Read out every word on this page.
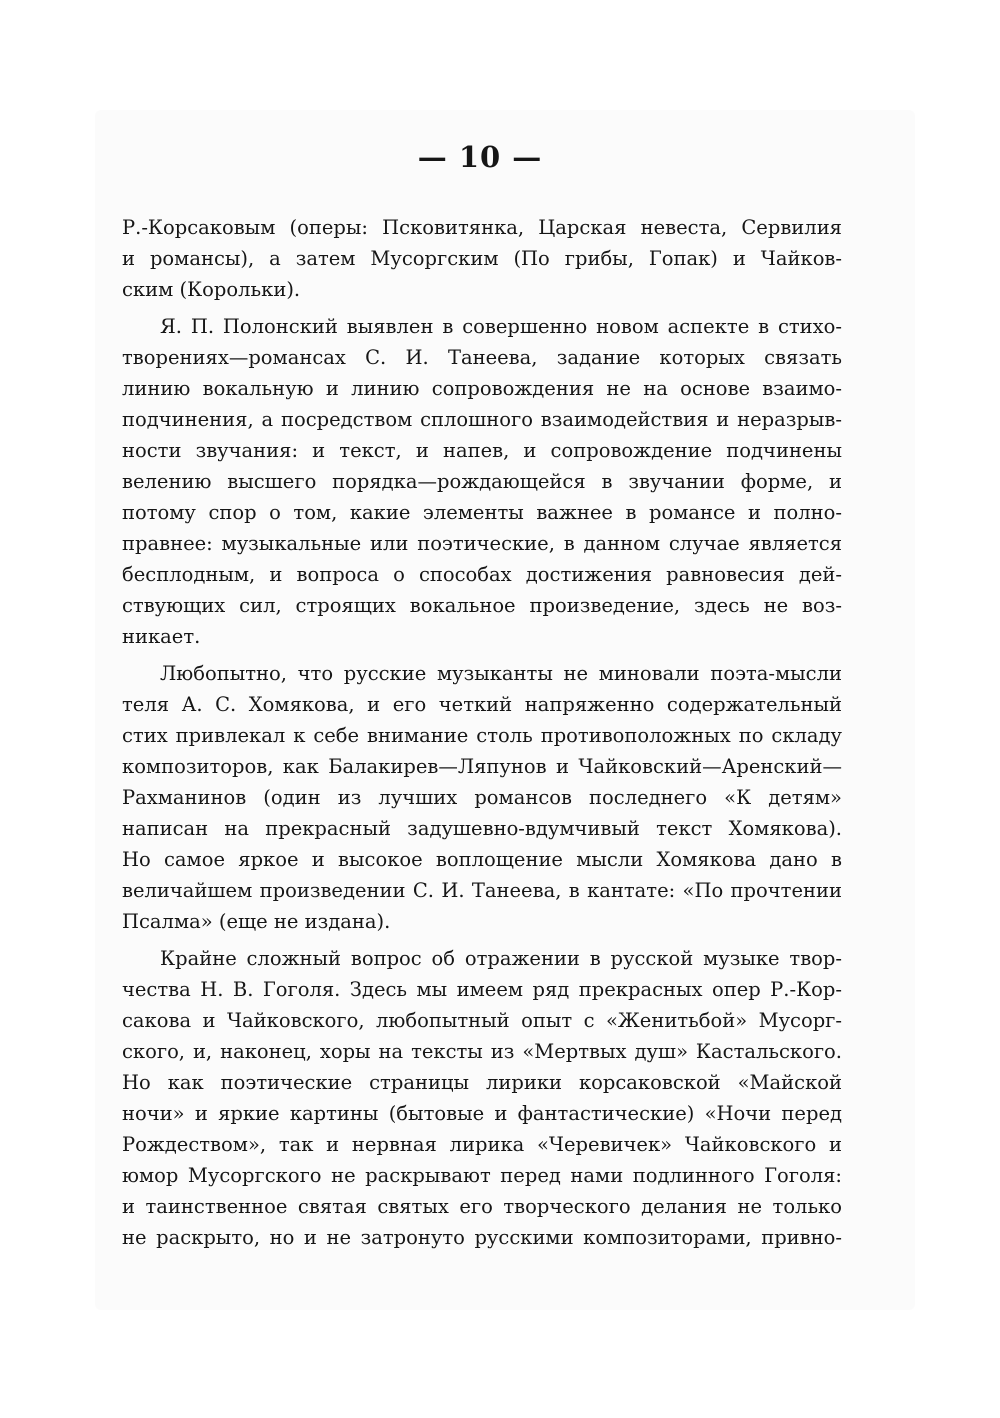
— 10 —
Р.-Корсаковым (оперы: Псковитянка, Царская невеста, Сервилия
и романсы), а затем Мусоргским (По грибы, Гопак) и Чайков-
ским (Корольки).
Я. П. Полонский выявлен в совершенно новом аспекте в стихо-
творениях—романсах С. И. Танеева, задание которых связать
линию вокальную и линию сопровождения не на основе взаимо-
подчинения, а посредством сплошного взаимодействия и неразрыв-
ности звучания: и текст, и напев, и сопровождение подчинены
велению высшего порядка—рождающейся в звучании форме, и
потому спор о том, какие элементы важнее в романсе и полно-
правнее: музыкальные или поэтические, в данном случае является
бесплодным, и вопроса о способах достижения равновесия дей-
ствующих сил, строящих вокальное произведение, здесь не воз-
никает.
Любопытно, что русские музыканты не миновали поэта-мысли
теля А. С. Хомякова, и его четкий напряженно содержательный
стих привлекал к себе внимание столь противоположных по складу
композиторов, как Балакирев—Ляпунов и Чайковский—Аренский—
Рахманинов (один из лучших романсов последнего «К детям»
написан на прекрасный задушевно-вдумчивый текст Хомякова).
Но самое яркое и высокое воплощение мысли Хомякова дано в
величайшем произведении С. И. Танеева, в кантате: «По прочтении
Псалма» (еще не издана).
Крайне сложный вопрос об отражении в русской музыке твор-
чества Н. В. Гоголя. Здесь мы имеем ряд прекрасных опер Р.-Кор-
сакова и Чайковского, любопытный опыт с «Женитьбой» Мусорг-
ского, и, наконец, хоры на тексты из «Мертвых душ» Кастальского.
Но как поэтические страницы лирики корсаковской «Майской
ночи» и яркие картины (бытовые и фантастические) «Ночи перед
Рождеством», так и нервная лирика «Черевичек» Чайковского и
юмор Мусоргского не раскрывают перед нами подлинного Гоголя:
и таинственное святая святых его творческого делания не только
не раскрыто, но и не затронуто русскими композиторами, привно-
